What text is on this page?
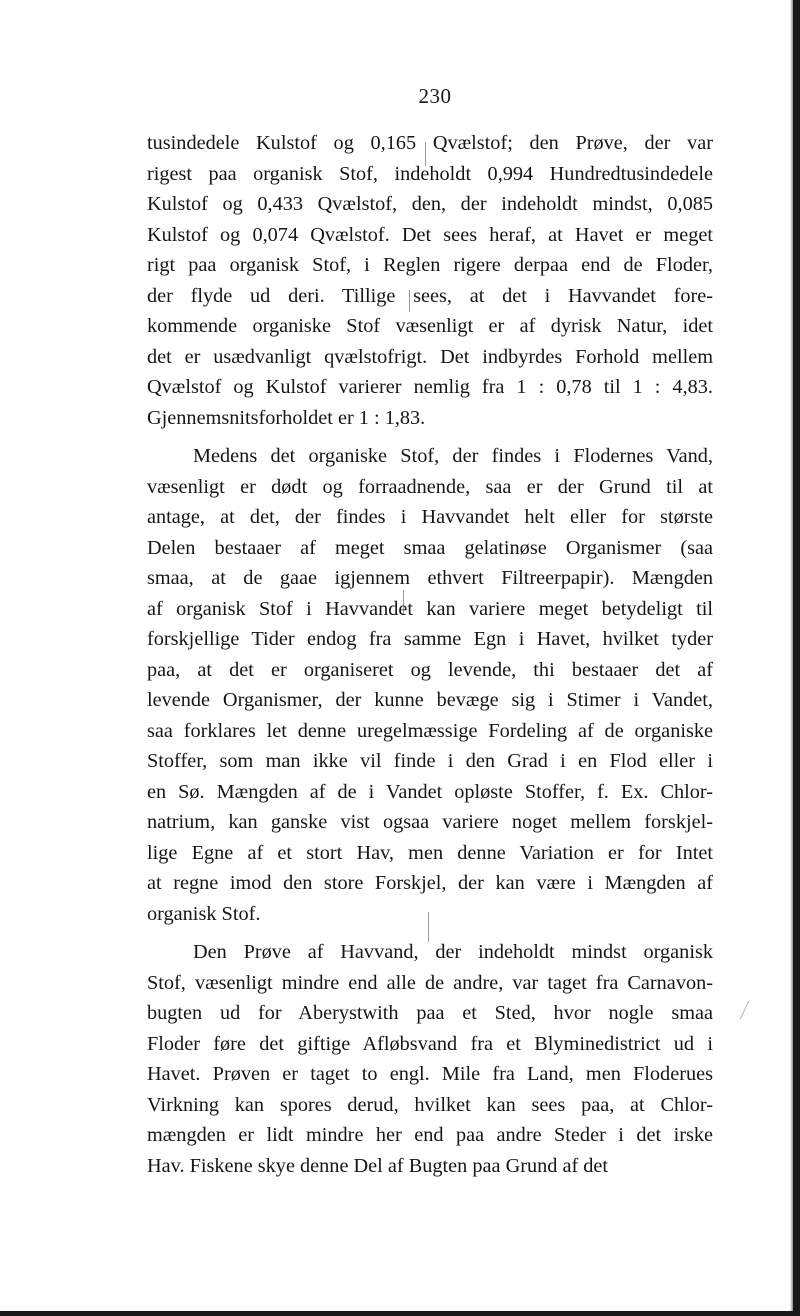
230

tusindedele Kulstof og 0,165 Qvælstof; den Prøve, der var
rigest paa organisk Stof, indeholdt 0,994 Hundredtusindedele
Kulstof og 0,433 Qvælstof, den, der indeholdt mindst, 0,085
Kulstof og 0,074 Qvælstof. Det sees heraf, at Havet er meget
rigt paa organisk Stof, i Reglen rigere derpaa end de Floder,
der flyde ud deri. Tillige sees, at det i Havvandet fore-
kommende organiske Stof væsenligt er af dyrisk Natur, idet
det er usædvanligt qvælstofrigt. Det indbyrdes Forhold mellem
Qvælstof og Kulstof varierer nemlig fra 1 : 0,78 til 1 : 4,83.
Gjennemsnitsforholdet er 1 : 1,83.

Medens det organiske Stof, der findes i Flodernes Vand,
væsenligt er dødt og forraadnende, saa er der Grund til at
antage, at det, der findes i Havvandet helt eller for største
Delen bestaaer af meget smaa gelatinøse Organismer (saa
smaa, at de gaae igjennem ethvert Filtreerpapir). Mængden
af organisk Stof i Havvandet kan variere meget betydeligt til
forskjellige Tider endog fra samme Egn i Havet, hvilket tyder
paa, at det er organiseret og levende, thi bestaaer det af
levende Organismer, der kunne bevæge sig i Stimer i Vandet,
saa forklares let denne uregelmæssige Fordeling af de organiske
Stoffer, som man ikke vil finde i den Grad i en Flod eller i
en Sø. Mængden af de i Vandet opløste Stoffer, f. Ex. Chlor-
natrium, kan ganske vist ogsaa variere noget mellem forskjel-
lige Egne af et stort Hav, men denne Variation er for Intet
at regne imod den store Forskjel, der kan være i Mængden af
organisk Stof.

Den Prøve af Havvand, der indeholdt mindst organisk
Stof, væsenligt mindre end alle de andre, var taget fra Carnavon-
bugten ud for Aberystwith paa et Sted, hvor nogle smaa
Floder føre det giftige Afløbsvand fra et Blyminedistrict ud i
Havet. Prøven er taget to engl. Mile fra Land, men Floderues
Virkning kan spores derud, hvilket kan sees paa, at Chlor-
mængden er lidt mindre her end paa andre Steder i det irske
Hav. Fiskene skye denne Del af Bugten paa Grund af det
